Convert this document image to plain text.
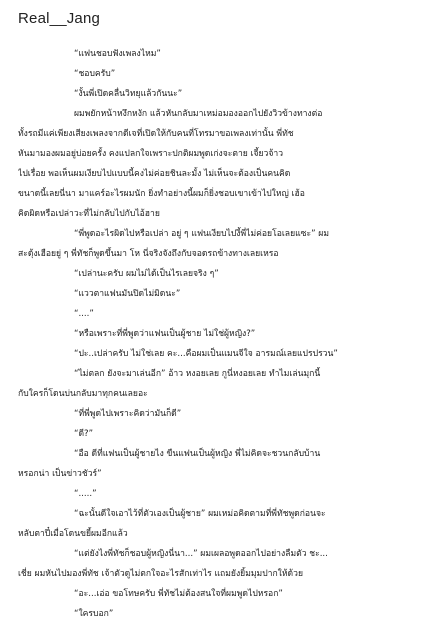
Real__Jang

“แฟนชอบฟังเพลงไหม”

“ชอบครับ”

“งั้นพี่เปิดคลื่นวิทยุแล้วกันนะ”

ผมพยักหน้าหงึกหงัก แล้วหันกลับมาเหม่อมองออกไปยังวิวข้างทางต่อ

ทั้งรถมีแค่เพียงเสียงเพลงจากดีเจที่เปิดให้กับคนที่โทรมาขอเพลงเท่านั้น พี่ทัช

หันมามองผมอยู่บ่อยครั้ง คงแปลกใจเพราะปกติผมพูดเก่งจะตาย เจี้ยวจ้าว

ไปเรื่อย พอเห็นผมเงียบไปแบบนี้คงไม่ค่อยชินละมั้ง ไม่เห็นจะต้องเป็นคนคิด

ขนาดนี้เลยนี่นา มาแคร์อะไรผมนัก ยิ่งทำอย่างนี้ผมก็ยิ่งชอบเขาเข้าไปใหญ่ เฮ้อ

คิดผิดหรือเปล่าวะที่ไม่กลับไปกับไอ้ฮาย

“พี่พูดอะไรผิดไปหรือเปล่า อยู่ ๆ แฟนเงียบไปงี้พี่ไม่ค่อยโอเลยแซะ” ผม

สะดุ้งเฮือยยู่ ๆ พี่ทัชก็พูดขึ้นมา โห นี่จริงจังถึงกับจอดรถข้างทางเลยเหรอ

“เปล่านะครับ ผมไม่ได้เป็นไรเลยจริง ๆ”

“แววตาแฟนมันปิดไม่มิดนะ”

“....”

“หรือเพราะที่พี่พูดว่าแฟนเป็นผู้ชาย ไม่ใช่ผู้หญิง?”

“ปะ..เปล่าครับ ไม่ใช่เลย คะ...คือผมเป็นแมนจีใจ อารมณ์เลยแปรปรวน”

“ไม่ตลก ยังจะมาเล่นอีก” อ้าว หงอยเลย กูนี่หงอยเลย ทำไมเล่นมุกนี้

กับใครก็โดนบ่นกลับมาทุกคนเลยอะ

“ที่พี่พูดไปเพราะคิดว่ามันก็ดี”

“ดี?”

“อือ ดีที่แฟนเป็นผู้ชายไง ขืนแฟนเป็นผู้หญิง พี่ไม่คิดจะชวนกลับบ้าน

หรอกน่า เป็นข่าวชัวร์”

“.....”

“ฉะนั้นดีใจเอาไว้ที่ตัวเองเป็นผู้ชาย” ผมเหม่อคิดตามที่พี่ทัชพูดก่อนจะ

หลับตาปี๋เมื่อโดนขยี้ผมอีกแล้ว

“แต่ยังไงพี่ทัชก็ชอบผู้หญิงนี่นา...” ผมเผลอพูดออกไปอย่างลืมตัว ชะ...

เชี่ย ผมหันไปมองพี่ทัช เจ้าตัวดูไม่ตกใจอะไรสักเท่าไร แถมยังยิ้มมุมปากให้ด้วย

“อะ...เอ่อ ขอโทษครับ พี่ทัชไม่ต้องสนใจที่ผมพูดไปหรอก”

“ใครบอก”
